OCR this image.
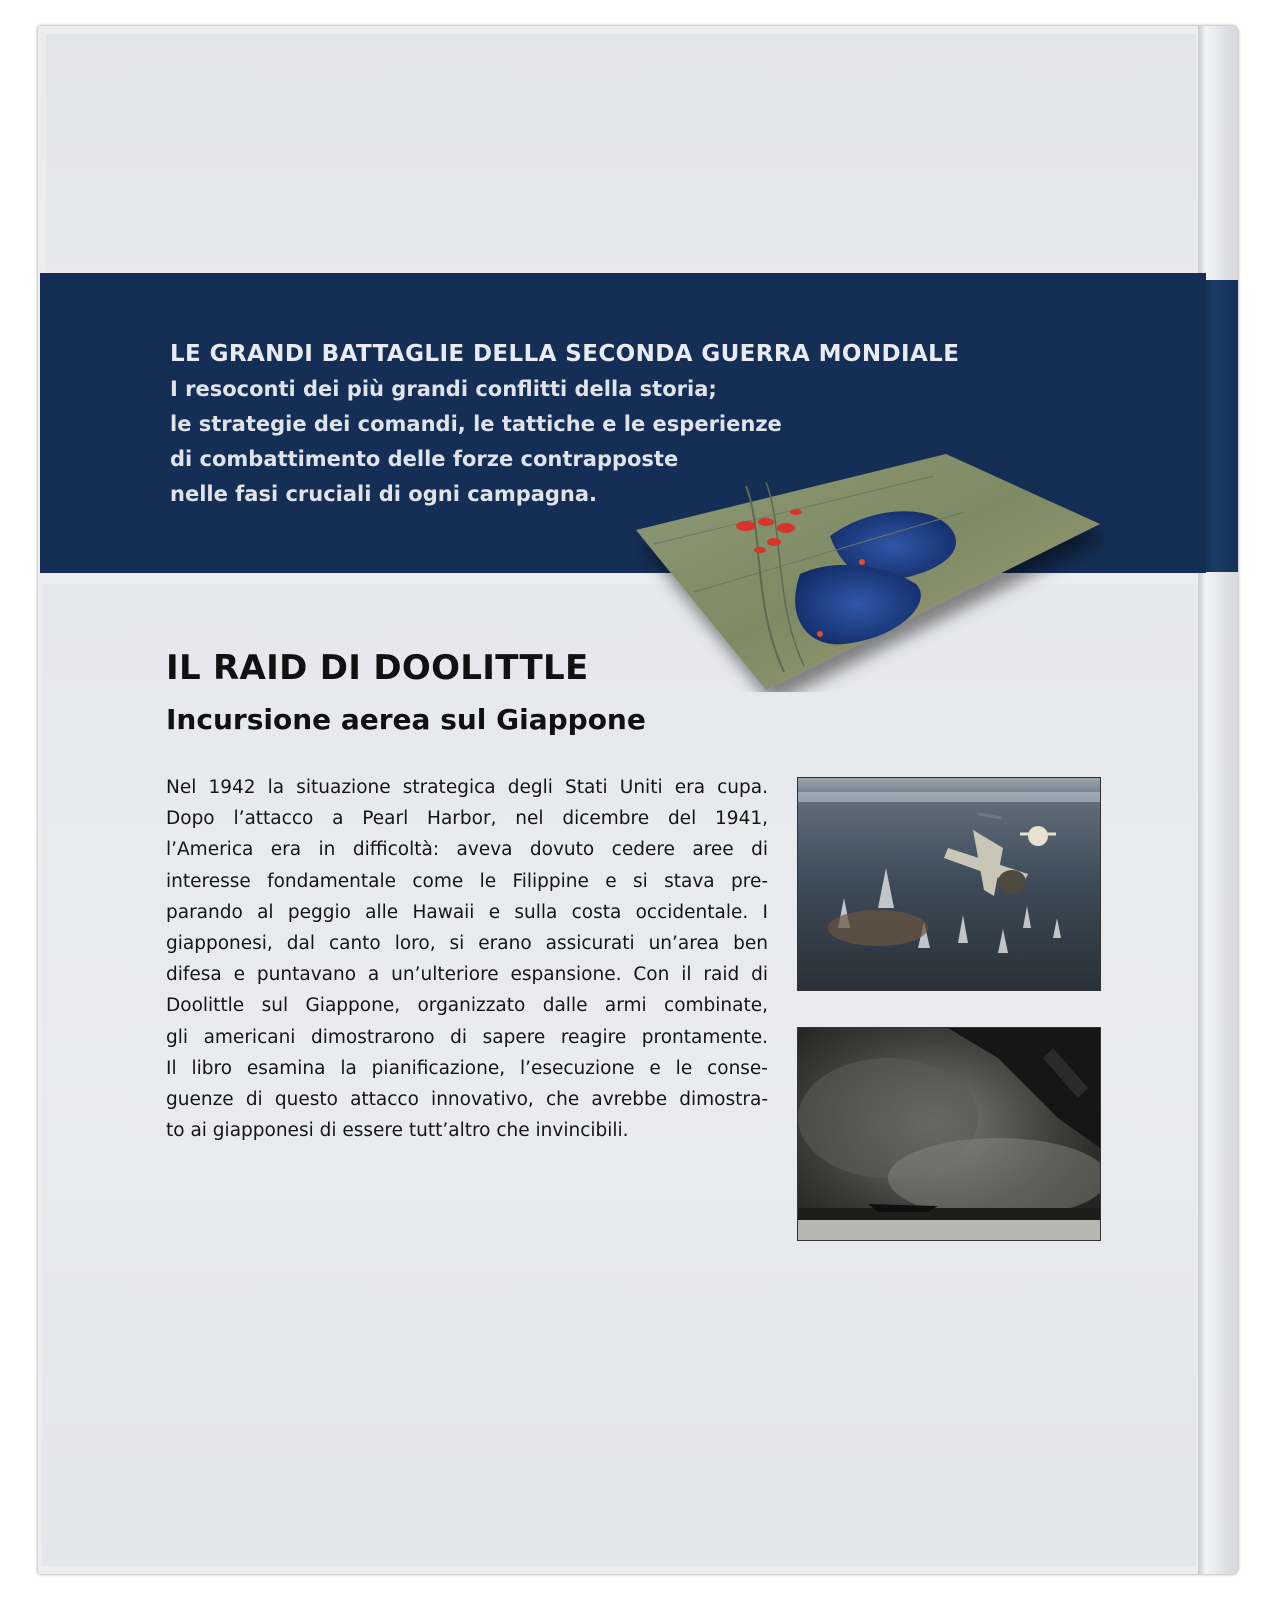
LE GRANDI BATTAGLIE DELLA SECONDA GUERRA MONDIALE
I resoconti dei più grandi conflitti della storia;
le strategie dei comandi, le tattiche e le esperienze
di combattimento delle forze contrapposte
nelle fasi cruciali di ogni campagna.
IL RAID DI DOOLITTLE
Incursione aerea sul Giappone
Nel 1942 la situazione strategica degli Stati Uniti era cupa.
Dopo l’attacco a Pearl Harbor, nel dicembre del 1941,
l’America era in difficoltà: aveva dovuto cedere aree di
interesse fondamentale come le Filippine e si stava pre-
parando al peggio alle Hawaii e sulla costa occidentale. I
giapponesi, dal canto loro, si erano assicurati un’area ben
difesa e puntavano a un’ulteriore espansione. Con il raid di
Doolittle sul Giappone, organizzato dalle armi combinate,
gli americani dimostrarono di sapere reagire prontamente.
Il libro esamina la pianificazione, l’esecuzione e le conse-
guenze di questo attacco innovativo, che avrebbe dimostra-
to ai giapponesi di essere tutt’altro che invincibili.
